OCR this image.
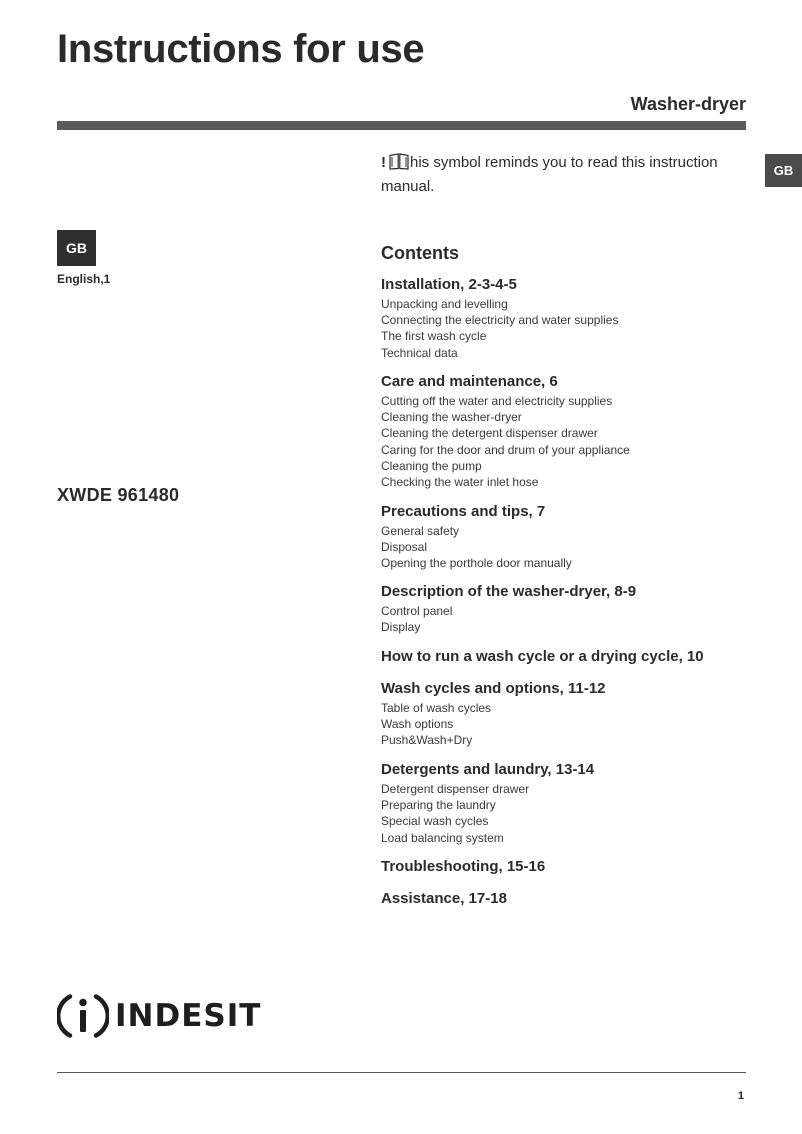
Instructions for use
Washer-dryer
GB
! his symbol reminds you to read this instruction manual.
GB
English,1
XWDE 961480
Contents
Installation, 2-3-4-5
Unpacking and levelling
Connecting the electricity and water supplies
The first wash cycle
Technical data
Care and maintenance, 6
Cutting off the water and electricity supplies
Cleaning the washer-dryer
Cleaning the detergent dispenser drawer
Caring for the door and drum of your appliance
Cleaning the pump
Checking the water inlet hose
Precautions and tips, 7
General safety
Disposal
Opening the porthole door manually
Description of the washer-dryer, 8-9
Control panel
Display
How to run a wash cycle or a drying cycle, 10
Wash cycles and options, 11-12
Table of wash cycles
Wash options
Push&Wash+Dry
Detergents and laundry, 13-14
Detergent dispenser drawer
Preparing the laundry
Special wash cycles
Load balancing system
Troubleshooting, 15-16
Assistance, 17-18
INDESIT
1
